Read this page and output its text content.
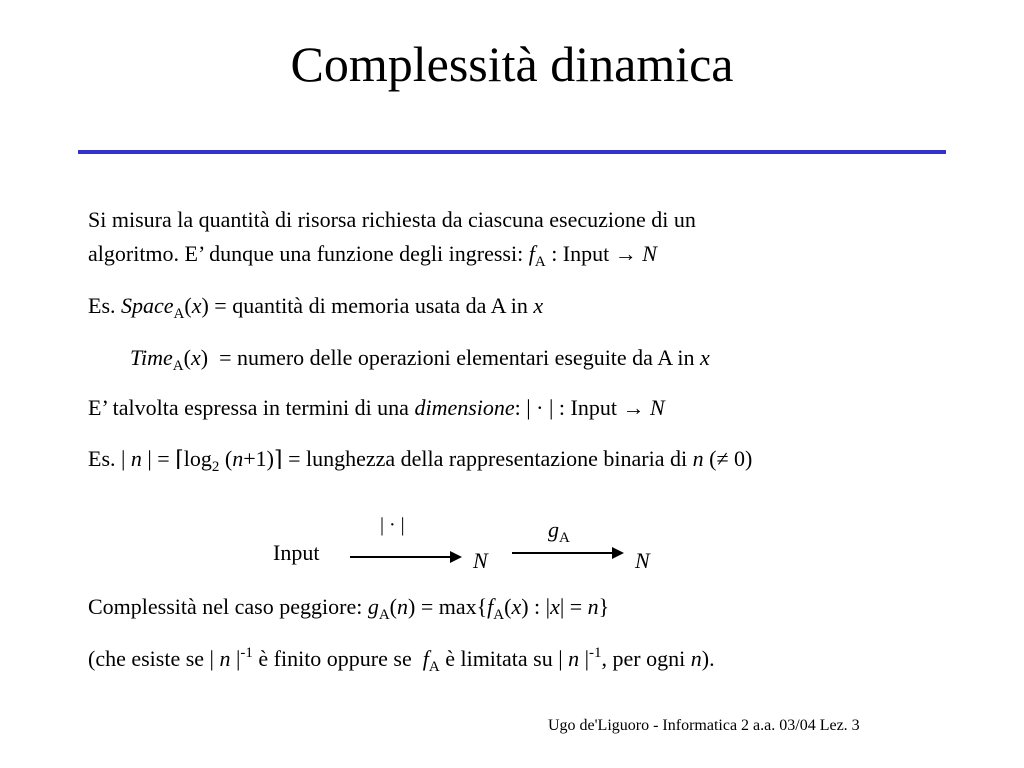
Complessità dinamica
Si misura la quantità di risorsa richiesta da ciascuna esecuzione di un
algoritmo. E’ dunque una funzione degli ingressi: $f_A$ : Input → N
Es. Space$_A$(x) = quantità di memoria usata da A in x
Time$_A$(x)  = numero delle operazioni elementari eseguite da A in x
E’ talvolta espressa in termini di una dimensione: | · | : Input → N
Es. | n | = $⌈\log_2$ (n+1)⌉ = lunghezza della rappresentazione binaria di n (≠ 0)
Input
| · |
N
$g_A$
N
Complessità nel caso peggiore: $g_A(n) = \max\{f_A(x)$ : |x| = n}
(che esiste se | n $|^{-1}$ è finito oppure se  $f_A$ è limitata su | n $|^{-1}$, per ogni n).
Ugo de'Liguoro - Informatica 2 a.a. 03/04 Lez. 3
